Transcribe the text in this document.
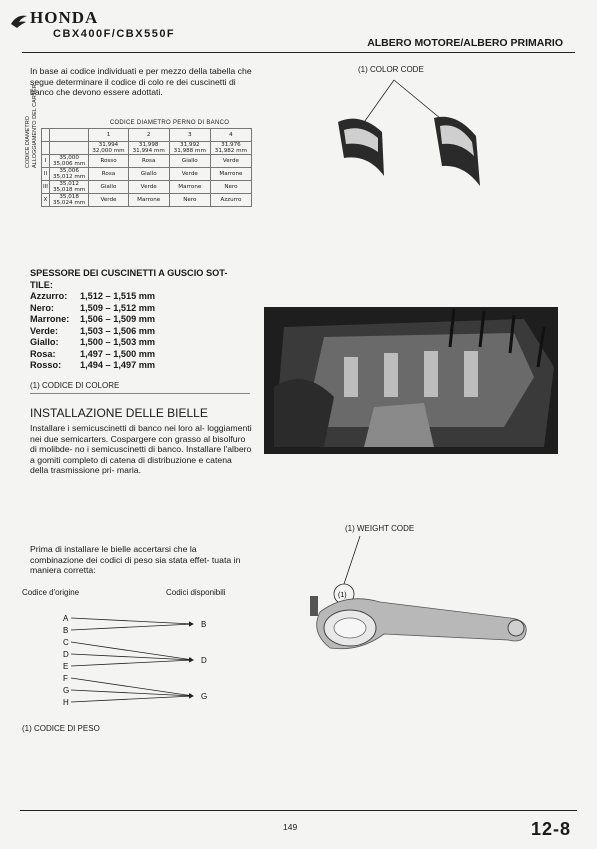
HONDA
CBX400F/CBX550F
ALBERO MOTORE/ALBERO PRIMARIO
In base ai codice individuati e per mezzo della tabella che segue determinare il codice di colo re dei cuscinetti di banco che devono essere adottati.
CODICE DIAMETRO PERNO DI BANCO
CODICE DIAMETRO ALLOGGIAMENTO DEL CARTER
			1	2	3	4
		31,994 32,000 mm	31,998 31,994 mm	31,992 31,988 mm	31,976 31,982 mm
I	35,000 35,006 mm	Rosso	Rosa	Giallo	Verde
II	35,006 35,012 mm	Rosa	Giallo	Verde	Marrone
III	35,012 35,018 mm	Giallo	Verde	Marrone	Nero
X	35,018 35,024 mm	Verde	Marrone	Nero	Azzurro
SPESSORE DEI CUSCINETTI A GUSCIO SOT-
TILE:
Azzurro: 1,512 – 1,515 mm
Nero:	1,509 – 1,512 mm
Marrone: 1,506 – 1,509 mm
Verde: 1,503 – 1,506 mm
Giallo: 1,500 – 1,503 mm
Rosa:	1,497 – 1,500 mm
Rosso: 1,494 – 1,497 mm
(1) CODICE DI COLORE
INSTALLAZIONE DELLE BIELLE
Installare i semicuscinetti di banco nei loro al- loggiamenti nei due semicarters. Cospargere con grasso al bisolfuro di molibde- no i semicuscinetti di banco. Installare l'albero a gomiti completo di catena di distribuzione e catena della trasmissione pri- maria.
Prima di installare le bielle accertarsi che la combinazione dei codici di peso sia stata effet- tuata in maniera corretta:
Codice d'origine	Codici disponibili
A
B
C
D
E
F
G
H
B
D
G
(1) CODICE DI PESO
(1) COLOR CODE
(1) WEIGHT CODE
(1)
149	12-8
